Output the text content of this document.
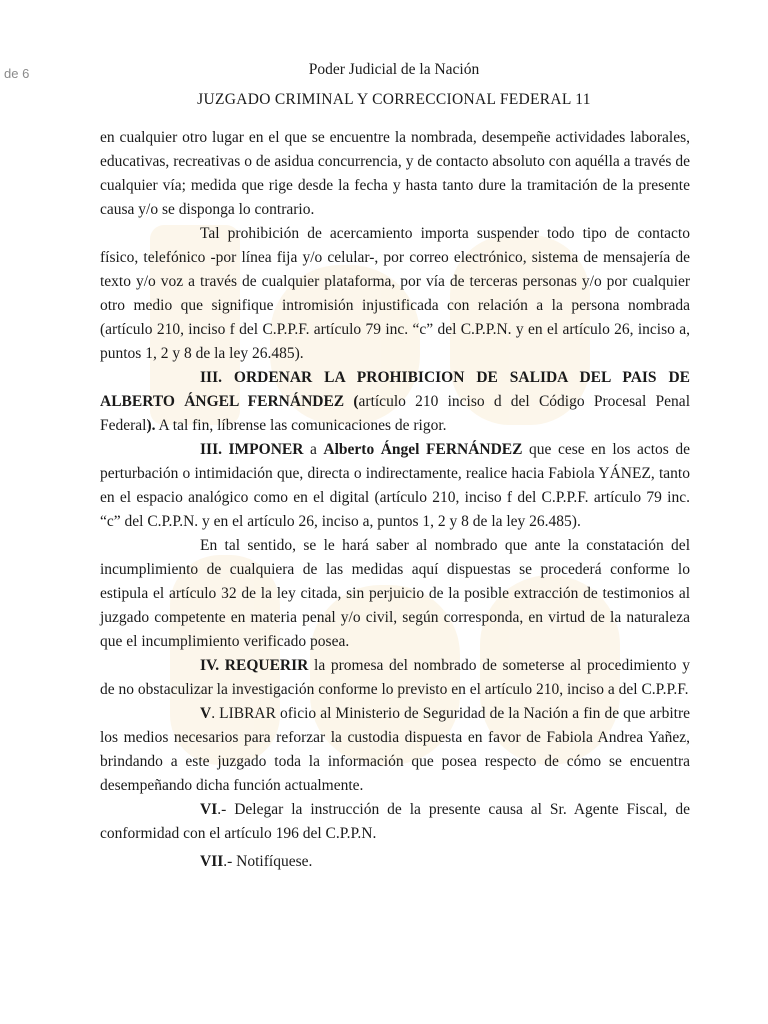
de 6	Poder Judicial de la Nación
JUZGADO CRIMINAL Y CORRECCIONAL FEDERAL 11

en cualquier otro lugar en el que se encuentre la nombrada, desempeñe actividades laborales, educativas, recreativas o de asidua concurrencia, y de contacto absoluto con aquélla a través de cualquier vía; medida que rige desde la fecha y hasta tanto dure la tramitación de la presente causa y/o se disponga lo contrario.

Tal prohibición de acercamiento importa suspender todo tipo de contacto físico, telefónico -por línea fija y/o celular-, por correo electrónico, sistema de mensajería de texto y/o voz a través de cualquier plataforma, por vía de terceras personas y/o por cualquier otro medio que signifique intromisión injustificada con relación a la persona nombrada (artículo 210, inciso f del C.P.P.F. artículo 79 inc. “c” del C.P.P.N. y en el artículo 26, inciso a, puntos 1, 2 y 8 de la ley 26.485).

III. ORDENAR LA PROHIBICION DE SALIDA DEL PAIS DE ALBERTO ÁNGEL FERNÁNDEZ (artículo 210 inciso d del Código Procesal Penal Federal). A tal fin, líbrense las comunicaciones de rigor.

III. IMPONER a Alberto Ángel FERNÁNDEZ que cese en los actos de perturbación o intimidación que, directa o indirectamente, realice hacia Fabiola YÁNEZ, tanto en el espacio analógico como en el digital (artículo 210, inciso f del C.P.P.F. artículo 79 inc. “c” del C.P.P.N. y en el artículo 26, inciso a, puntos 1, 2 y 8 de la ley 26.485).

En tal sentido, se le hará saber al nombrado que ante la constatación del incumplimiento de cualquiera de las medidas aquí dispuestas se procederá conforme lo estipula el artículo 32 de la ley citada, sin perjuicio de la posible extracción de testimonios al juzgado competente en materia penal y/o civil, según corresponda, en virtud de la naturaleza que el incumplimiento verificado posea.

IV. REQUERIR la promesa del nombrado de someterse al procedimiento y de no obstaculizar la investigación conforme lo previsto en el artículo 210, inciso a del C.P.P.F.

V. LIBRAR oficio al Ministerio de Seguridad de la Nación a fin de que arbitre los medios necesarios para reforzar la custodia dispuesta en favor de Fabiola Andrea Yañez, brindando a este juzgado toda la información que posea respecto de cómo se encuentra desempeñando dicha función actualmente.

VI.- Delegar la instrucción de la presente causa al Sr. Agente Fiscal, de conformidad con el artículo 196 del C.P.P.N.

VII.- Notifíquese.
